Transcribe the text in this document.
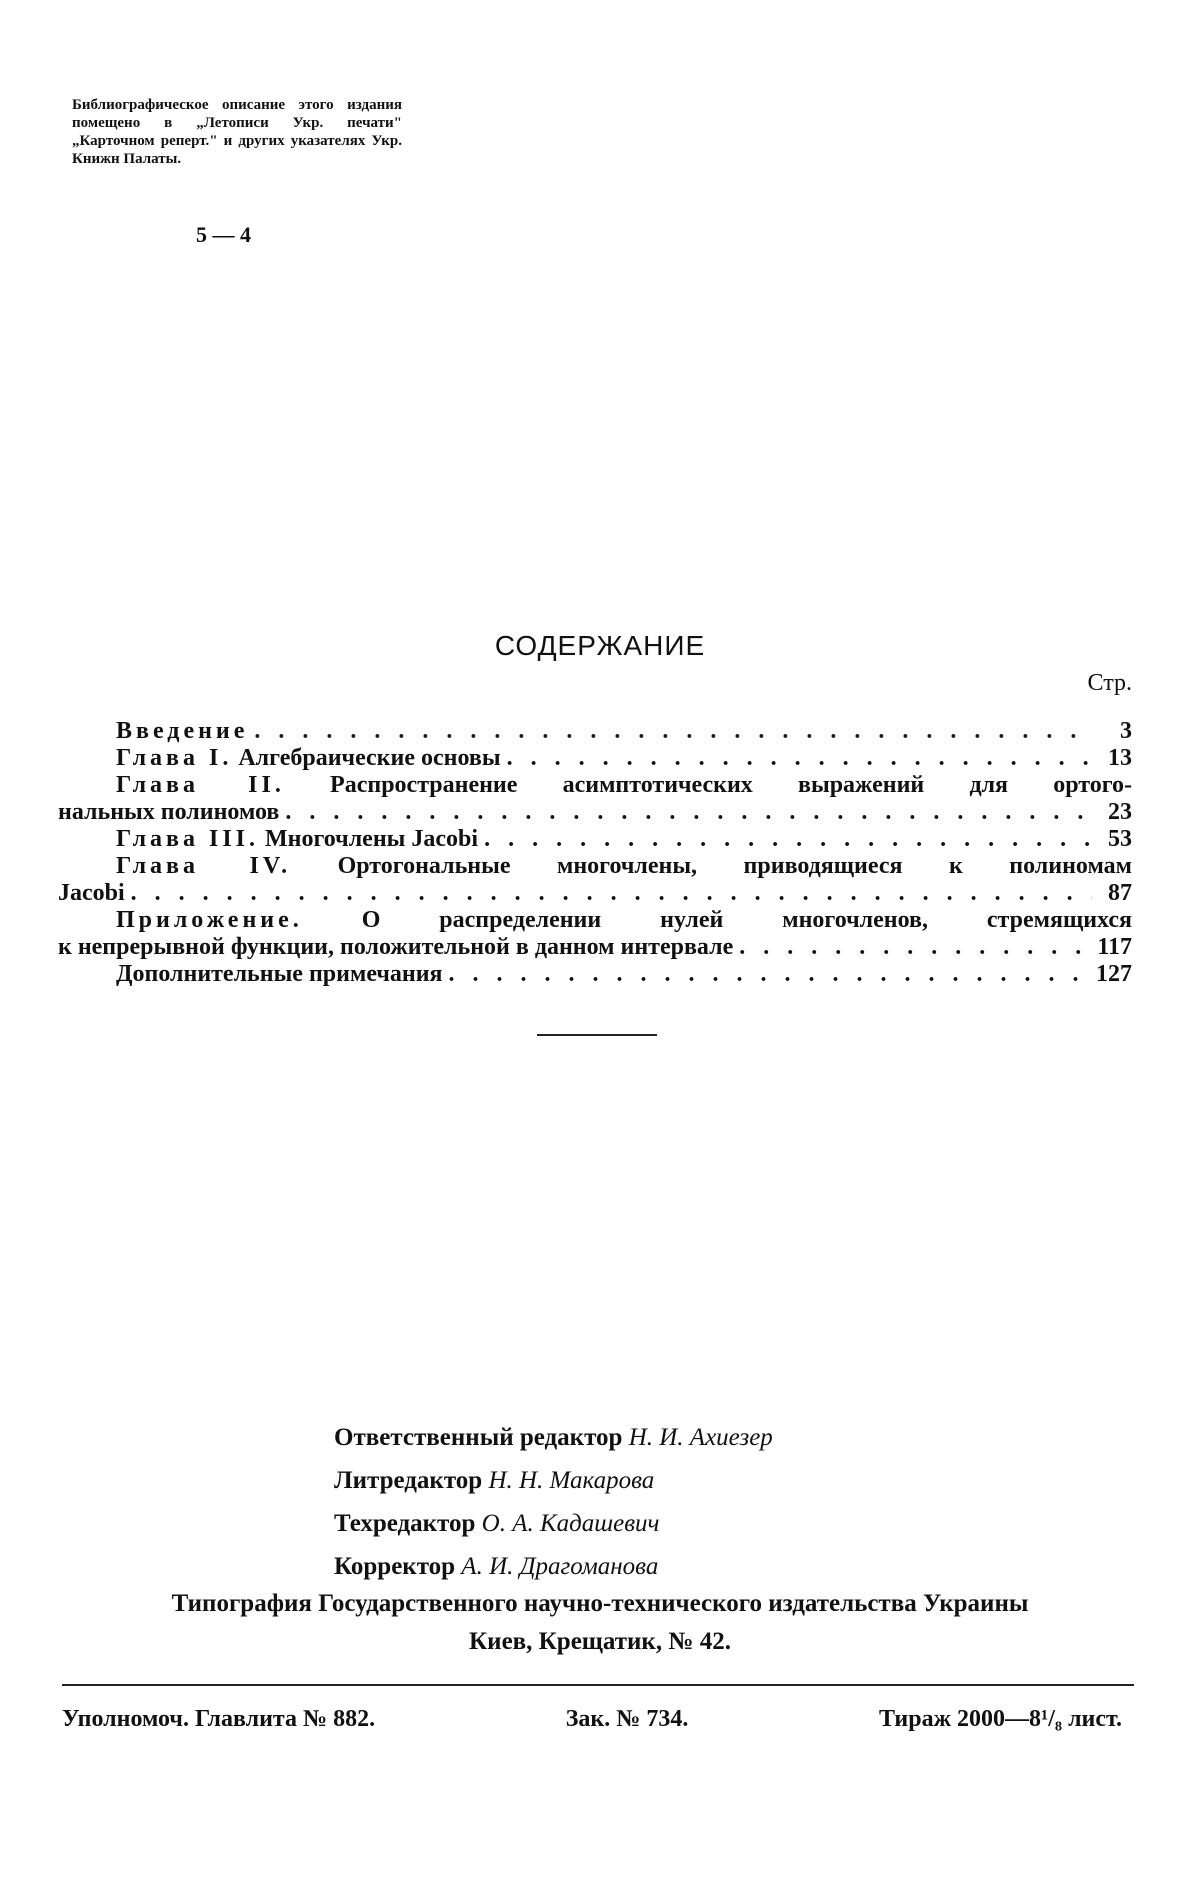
Библиографическое описание этого издания помещено в „Летописи Укр. печати" „Карточном реперт." и других указателях Укр. Книжн Палаты.
5 — 4
СОДЕРЖАНИЕ
Стр.
Введение . . .	3
Глава I.
Алгебраические основы . . .	13
Глава II. Распространение асимптотических выражений для ортого-
нальных полиномов . . .	23
Глава III.
Многочлены Jacobi . . .	53
Глава IV. Ортогональные многочлены, приводящиеся к полиномам
Jacobi . . .	87
Приложение. О распределении нулей многочленов, стремящихся
к непрерывной функции, положительной в данном интервале . . .	117
Дополнительные примечания . . .	127
Ответственный редактор Н. И. Ахиезер
Литредактор Н. Н. Макарова
Техредактор О. А. Кадашевич
Корректор А. И. Драгоманова
Типография Государственного научно-технического издательства Украины
Киев, Крещатик, № 42.
Уполномоч. Главлита № 882.	Зак. № 734.	Тираж 2000—8¹/₈ лист.
